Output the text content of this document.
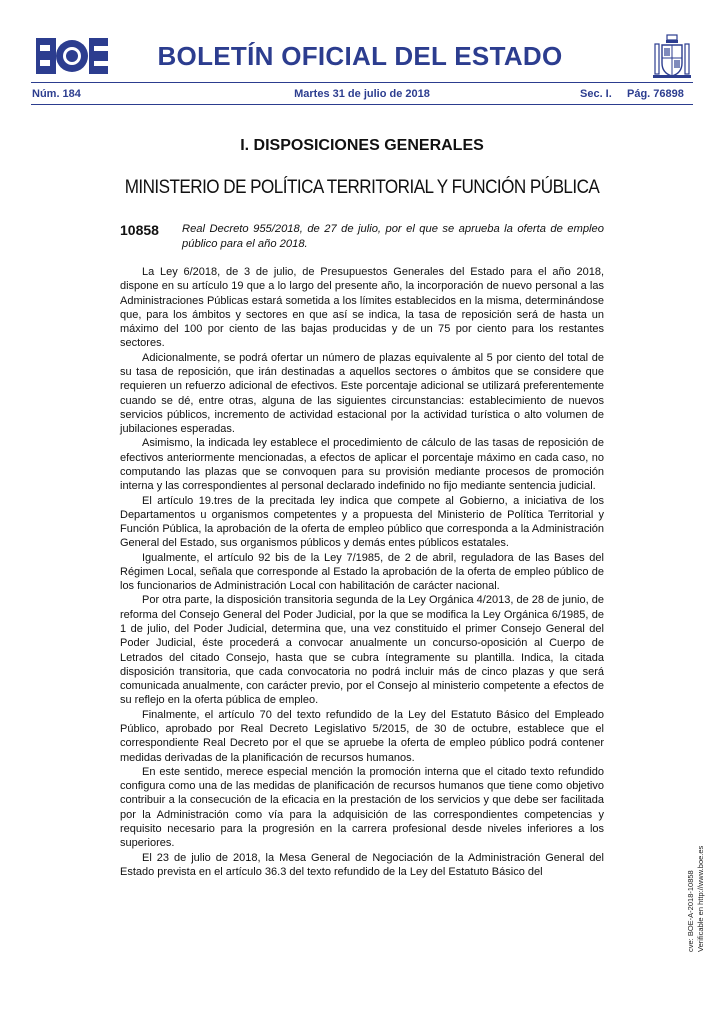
BOLETÍN OFICIAL DEL ESTADO
Núm. 184	Martes 31 de julio de 2018	Sec. I. Pág. 76898
I. DISPOSICIONES GENERALES
MINISTERIO DE POLÍTICA TERRITORIAL Y FUNCIÓN PÚBLICA
10858 Real Decreto 955/2018, de 27 de julio, por el que se aprueba la oferta de empleo público para el año 2018.

La Ley 6/2018, de 3 de julio, de Presupuestos Generales del Estado para el año 2018, dispone en su artículo 19 que a lo largo del presente año, la incorporación de nuevo personal a las Administraciones Públicas estará sometida a los límites establecidos en la misma, determinándose que, para los ámbitos y sectores en que así se indica, la tasa de reposición será de hasta un máximo del 100 por ciento de las bajas producidas y de un 75 por ciento para los restantes sectores.

Adicionalmente, se podrá ofertar un número de plazas equivalente al 5 por ciento del total de su tasa de reposición, que irán destinadas a aquellos sectores o ámbitos que se considere que requieren un refuerzo adicional de efectivos. Este porcentaje adicional se utilizará preferentemente cuando se dé, entre otras, alguna de las siguientes circunstancias: establecimiento de nuevos servicios públicos, incremento de actividad estacional por la actividad turística o alto volumen de jubilaciones esperadas.

Asimismo, la indicada ley establece el procedimiento de cálculo de las tasas de reposición de efectivos anteriormente mencionadas, a efectos de aplicar el porcentaje máximo en cada caso, no computando las plazas que se convoquen para su provisión mediante procesos de promoción interna y las correspondientes al personal declarado indefinido no fijo mediante sentencia judicial.

El artículo 19.tres de la precitada ley indica que compete al Gobierno, a iniciativa de los Departamentos u organismos competentes y a propuesta del Ministerio de Política Territorial y Función Pública, la aprobación de la oferta de empleo público que corresponda a la Administración General del Estado, sus organismos públicos y demás entes públicos estatales.

Igualmente, el artículo 92 bis de la Ley 7/1985, de 2 de abril, reguladora de las Bases del Régimen Local, señala que corresponde al Estado la aprobación de la oferta de empleo público de los funcionarios de Administración Local con habilitación de carácter nacional.

Por otra parte, la disposición transitoria segunda de la Ley Orgánica 4/2013, de 28 de junio, de reforma del Consejo General del Poder Judicial, por la que se modifica la Ley Orgánica 6/1985, de 1 de julio, del Poder Judicial, determina que, una vez constituido el primer Consejo General del Poder Judicial, éste procederá a convocar anualmente un concurso-oposición al Cuerpo de Letrados del citado Consejo, hasta que se cubra íntegramente su plantilla. Indica, la citada disposición transitoria, que cada convocatoria no podrá incluir más de cinco plazas y que será comunicada anualmente, con carácter previo, por el Consejo al ministerio competente a efectos de su reflejo en la oferta pública de empleo.

Finalmente, el artículo 70 del texto refundido de la Ley del Estatuto Básico del Empleado Público, aprobado por Real Decreto Legislativo 5/2015, de 30 de octubre, establece que el correspondiente Real Decreto por el que se apruebe la oferta de empleo público podrá contener medidas derivadas de la planificación de recursos humanos.

En este sentido, merece especial mención la promoción interna que el citado texto refundido configura como una de las medidas de planificación de recursos humanos que tiene como objetivo contribuir a la consecución de la eficacia en la prestación de los servicios y que debe ser facilitada por la Administración como vía para la adquisición de las correspondientes competencias y requisito necesario para la progresión en la carrera profesional desde niveles inferiores a los superiores.

El 23 de julio de 2018, la Mesa General de Negociación de la Administración General del Estado prevista en el artículo 36.3 del texto refundido de la Ley del Estatuto Básico del	cve: BOE-A-2018-10858 Verificable en http://www.boe.es
